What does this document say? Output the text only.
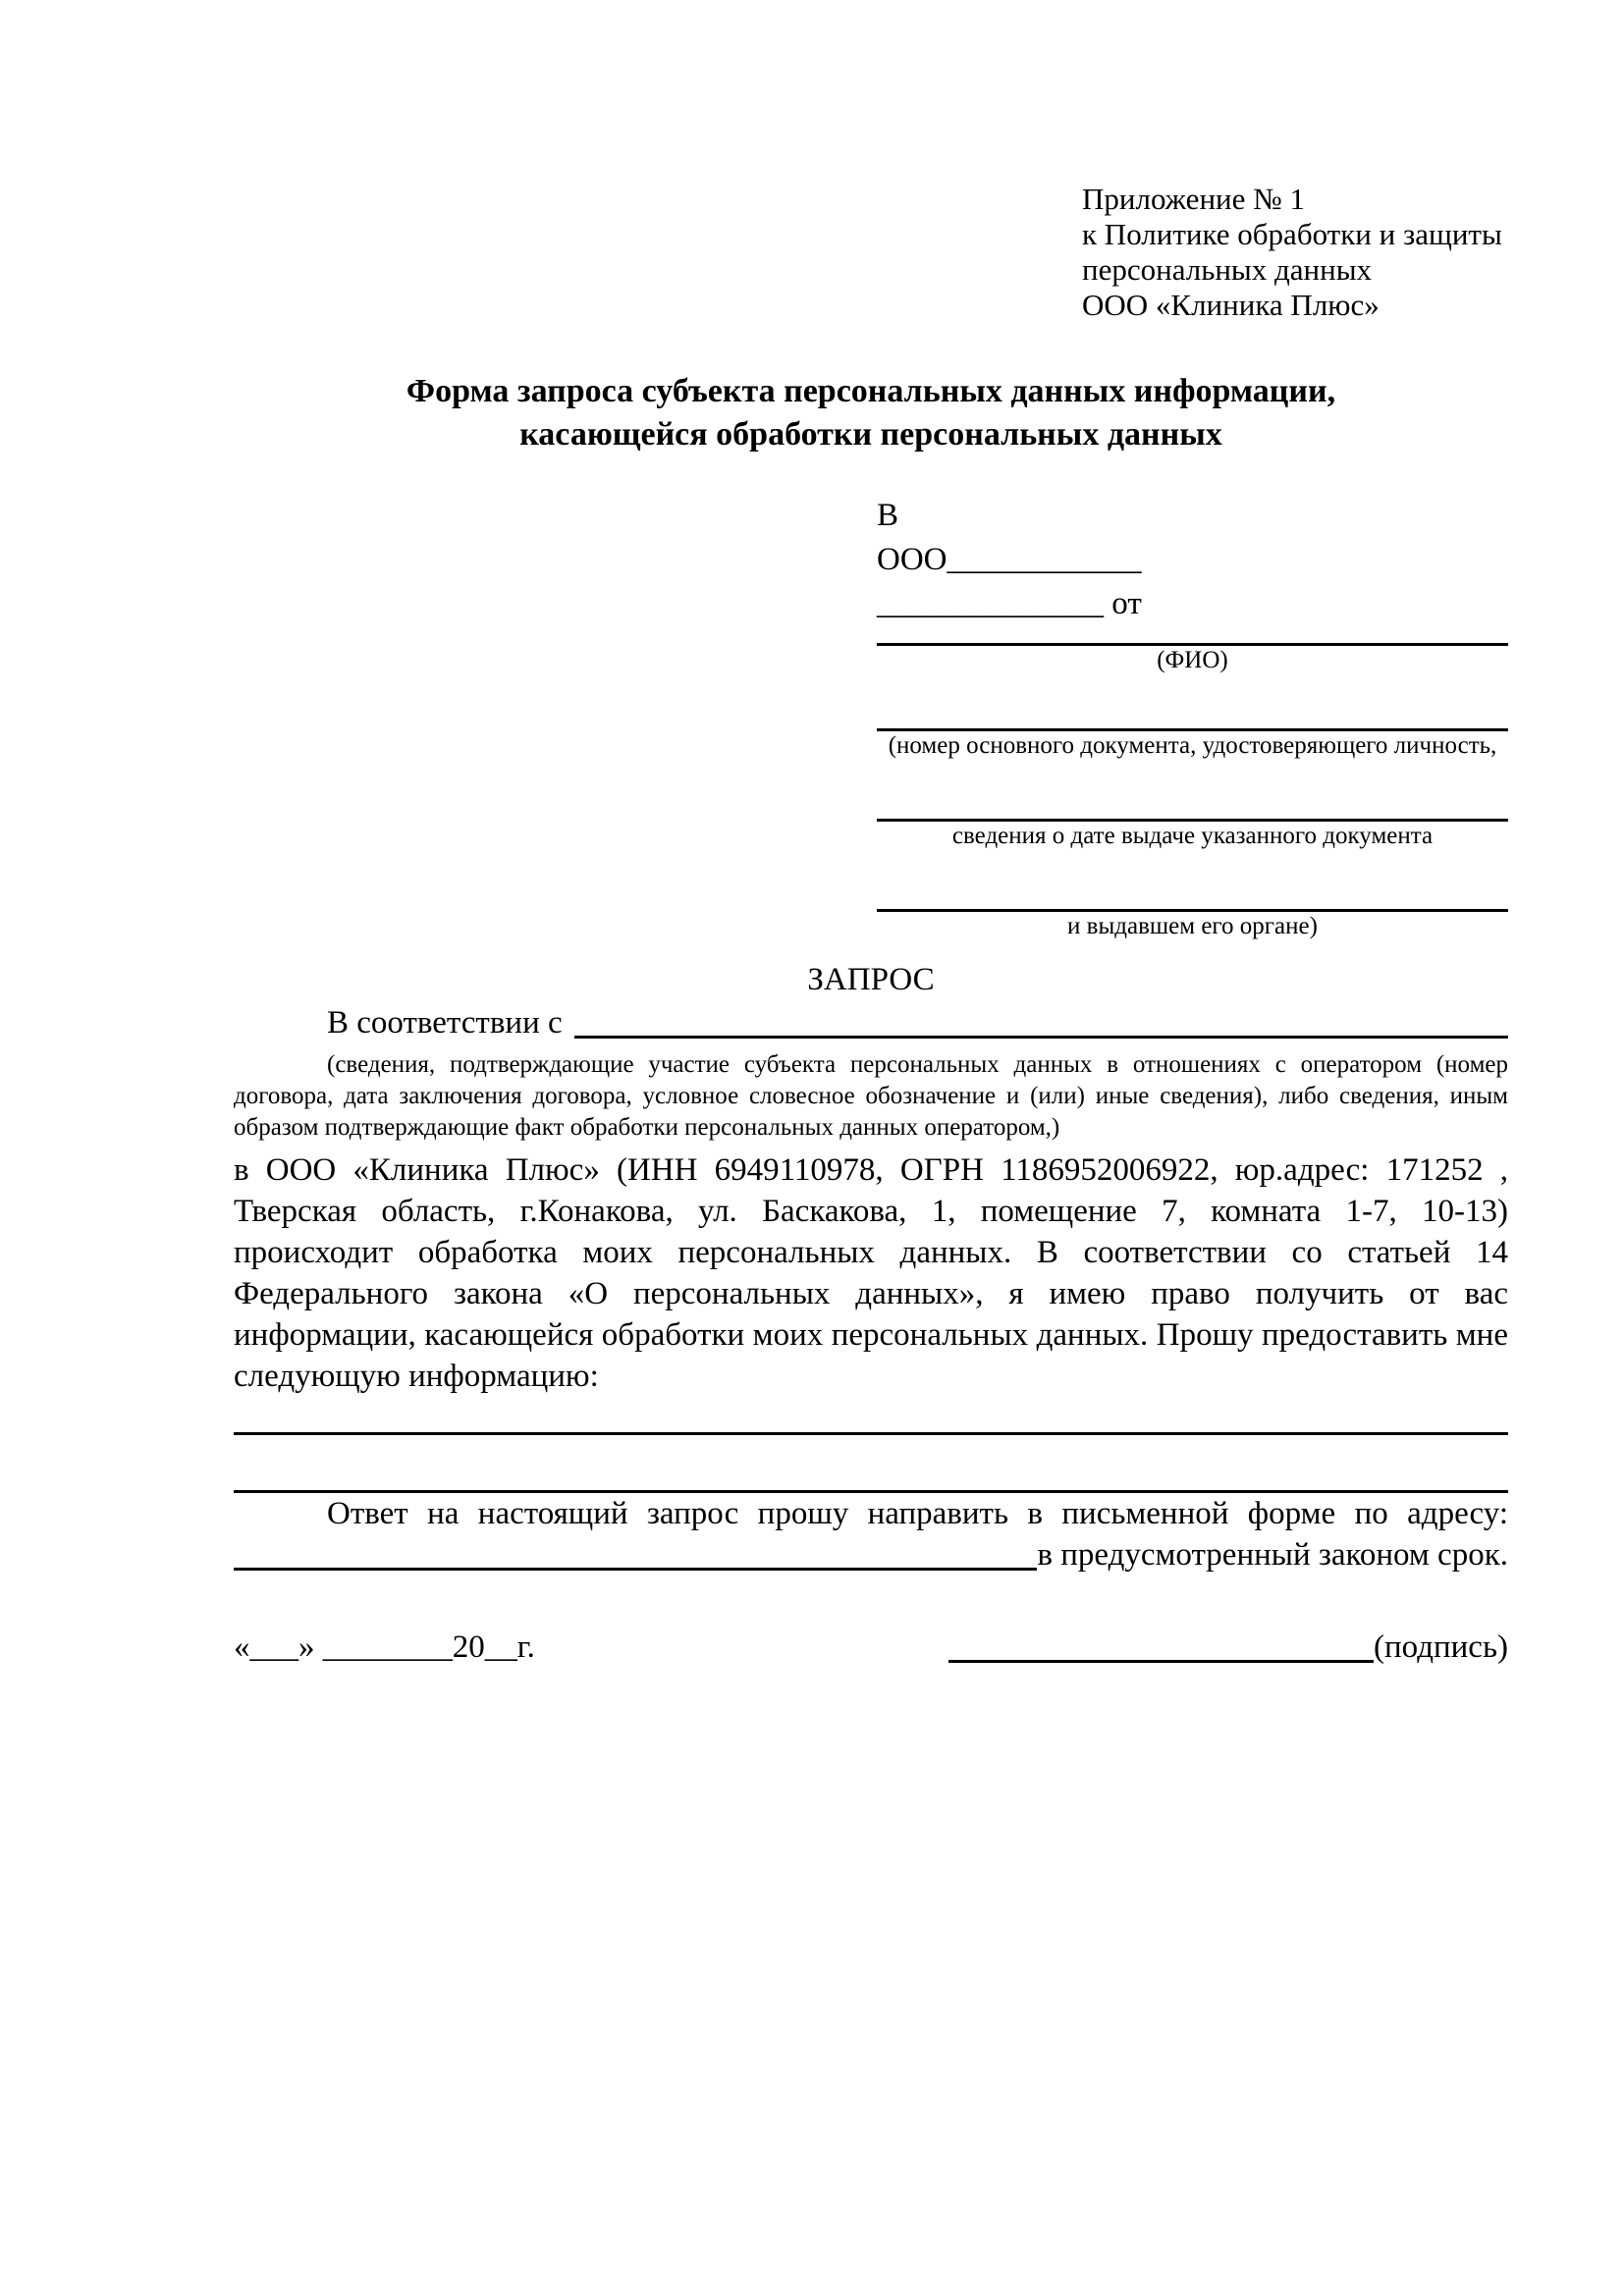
Приложение № 1
к Политике обработки и защиты
персональных данных
ООО «Клиника Плюс»
Форма запроса субъекта персональных данных информации,
касающейся обработки персональных данных
В
ООО____________
______________ от
(ФИО)
(номер основного документа, удостоверяющего личность,
сведения о дате выдаче указанного документа
и выдавшем его органе)
ЗАПРОС
В соответствии с

(сведения, подтверждающие участие субъекта персональных данных в отношениях с оператором (номер договора, дата заключения договора, условное словесное обозначение и (или) иные сведения), либо сведения, иным образом подтверждающие факт обработки персональных данных оператором,)

в ООО «Клиника Плюс» (ИНН 6949110978, ОГРН 1186952006922, юр.адрес: 171252 ,
Тверская область, г.Конакова, ул. Баскакова, 1, помещение 7, комната 1-7, 10-13)
происходит обработка моих персональных данных. В соответствии со статьей 14
Федерального закона «О персональных данных», я имею право получить от вас
информации, касающейся обработки моих персональных данных. Прошу предоставить мне
следующую информацию:
Ответ на настоящий запрос прошу направить в письменной форме по адресу:
в предусмотренный законом срок.
«___» ________20__г.	(подпись)
